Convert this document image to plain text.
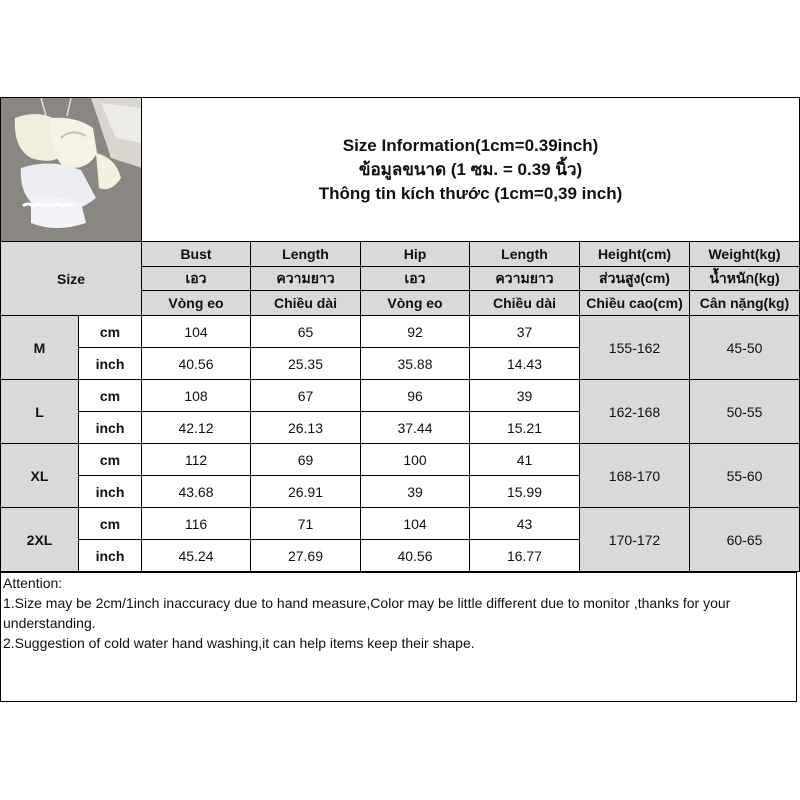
Size Information(1cm=0.39inch)
ข้อมูลขนาด (1 ซม. = 0.39 นิ้ว)
Thông tin kích thước (1cm=0,39 inch)					

Size		Bust	Length	Hip	Length	Height(cm)	Weight(kg)
		เอว	ความยาว	เอว	ความยาว	ส่วนสูง(cm)	น้ำหนัก(kg)
		Vòng eo	Chiều dài	Vòng eo	Chiều dài	Chiều cao(cm)	Cân nặng(kg)
M	cm	104	65	92	37	155-162	45-50
	inch	40.56	25.35	35.88	14.43		
L	cm	108	67	96	39	162-168	50-55
	inch	42.12	26.13	37.44	15.21		
XL	cm	112	69	100	41	168-170	55-60
	inch	43.68	26.91	39	15.99		
2XL	cm	116	71	104	43	170-172	60-65
	inch	45.24	27.69	40.56	16.77		

Attention:

1.Size may be 2cm/1inch inaccuracy due to hand measure,Color may be little different due to monitor ,thanks for your understanding.

2.Suggestion of cold water hand washing,it can help items keep their shape.
